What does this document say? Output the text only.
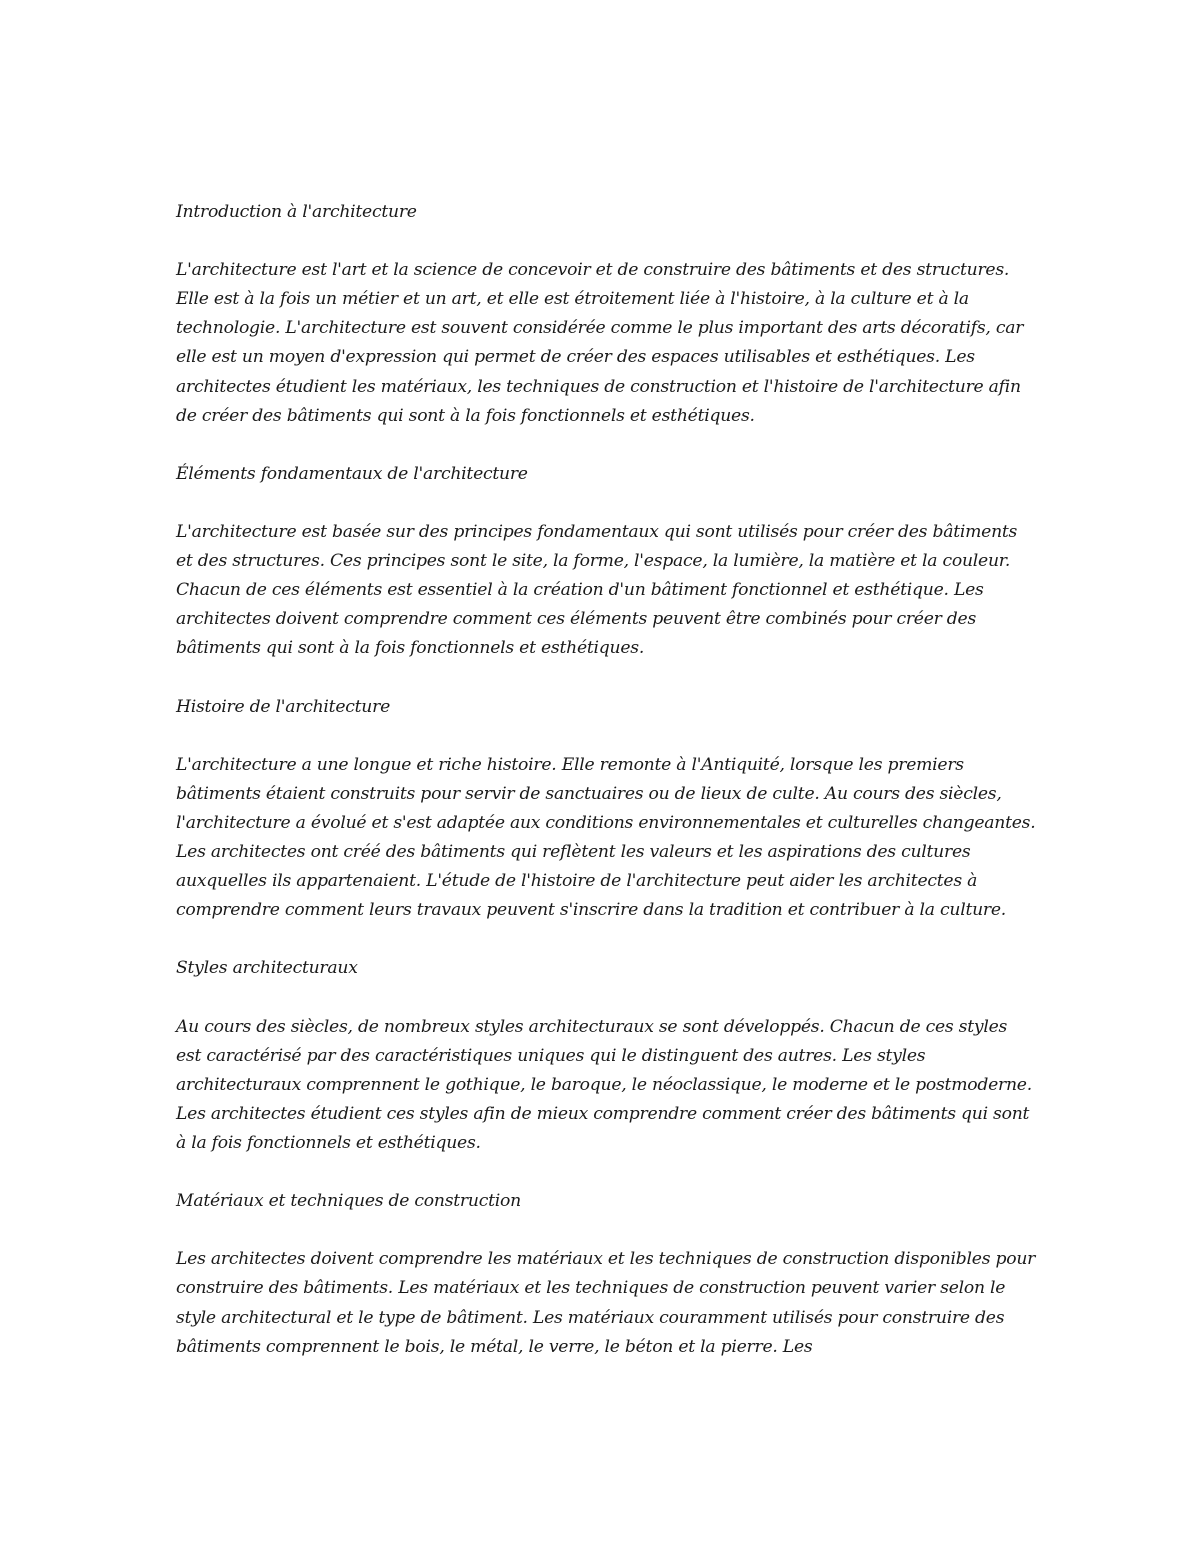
Introduction à l'architecture

L'architecture est l'art et la science de concevoir et de construire des bâtiments et des structures. Elle est à la fois un métier et un art, et elle est étroitement liée à l'histoire, à la culture et à la technologie. L'architecture est souvent considérée comme le plus important des arts décoratifs, car elle est un moyen d'expression qui permet de créer des espaces utilisables et esthétiques. Les architectes étudient les matériaux, les techniques de construction et l'histoire de l'architecture afin de créer des bâtiments qui sont à la fois fonctionnels et esthétiques.

Éléments fondamentaux de l'architecture

L'architecture est basée sur des principes fondamentaux qui sont utilisés pour créer des bâtiments et des structures. Ces principes sont le site, la forme, l'espace, la lumière, la matière et la couleur. Chacun de ces éléments est essentiel à la création d'un bâtiment fonctionnel et esthétique. Les architectes doivent comprendre comment ces éléments peuvent être combinés pour créer des bâtiments qui sont à la fois fonctionnels et esthétiques.

Histoire de l'architecture

L'architecture a une longue et riche histoire. Elle remonte à l'Antiquité, lorsque les premiers bâtiments étaient construits pour servir de sanctuaires ou de lieux de culte. Au cours des siècles, l'architecture a évolué et s'est adaptée aux conditions environnementales et culturelles changeantes. Les architectes ont créé des bâtiments qui reflètent les valeurs et les aspirations des cultures auxquelles ils appartenaient. L'étude de l'histoire de l'architecture peut aider les architectes à comprendre comment leurs travaux peuvent s'inscrire dans la tradition et contribuer à la culture.

Styles architecturaux

Au cours des siècles, de nombreux styles architecturaux se sont développés. Chacun de ces styles est caractérisé par des caractéristiques uniques qui le distinguent des autres. Les styles architecturaux comprennent le gothique, le baroque, le néoclassique, le moderne et le postmoderne. Les architectes étudient ces styles afin de mieux comprendre comment créer des bâtiments qui sont à la fois fonctionnels et esthétiques.

Matériaux et techniques de construction

Les architectes doivent comprendre les matériaux et les techniques de construction disponibles pour construire des bâtiments. Les matériaux et les techniques de construction peuvent varier selon le style architectural et le type de bâtiment. Les matériaux couramment utilisés pour construire des bâtiments comprennent le bois, le métal, le verre, le béton et la pierre. Les
